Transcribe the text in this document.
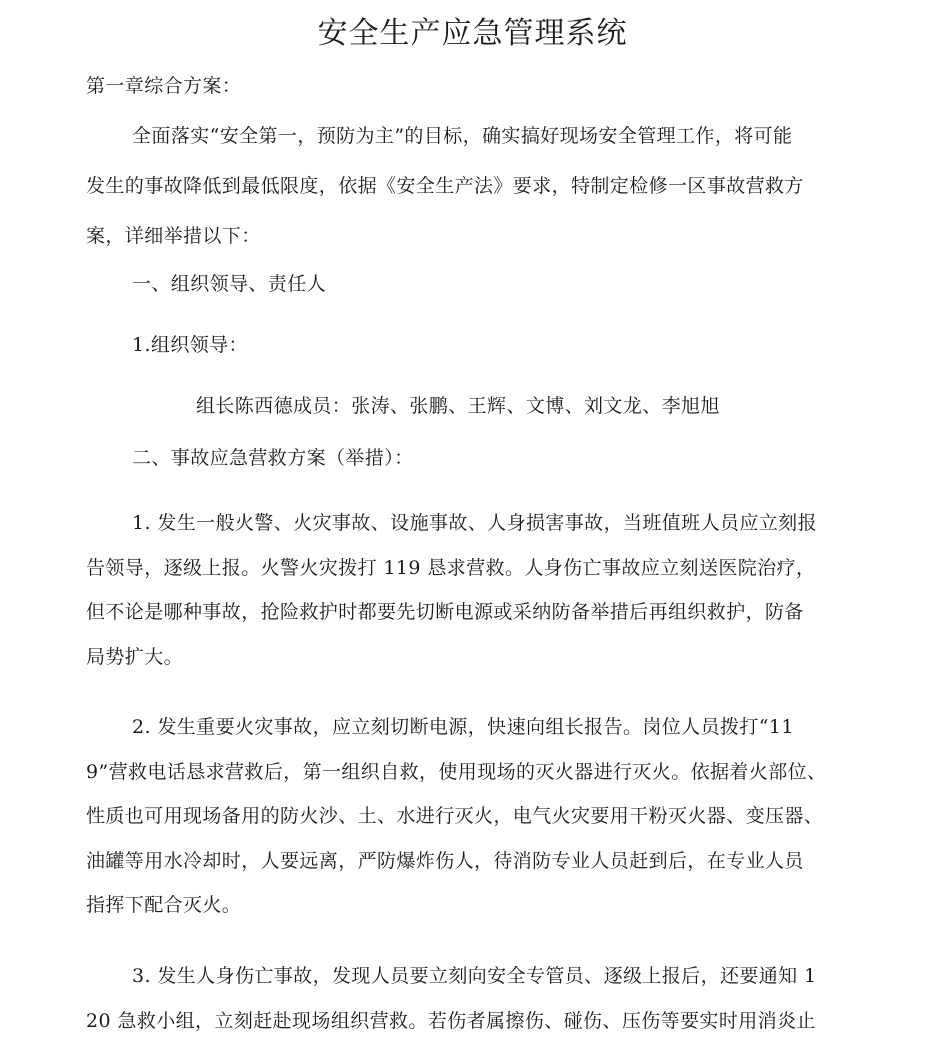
安全生产应急管理系统
第一章综合方案：
全面落实“安全第一，预防为主”的目标，确实搞好现场安全管理工作，将可能
发生的事故降低到最低限度，依据《安全生产法》要求，特制定检修一区事故营救方
案，详细举措以下：
一、组织领导、责任人
1.组织领导：
组长陈西德成员：张涛、张鹏、王辉、文博、刘文龙、李旭旭
二、事故应急营救方案（举措）：
1. 发生一般火警、火灾事故、设施事故、人身损害事故，当班值班人员应立刻报
告领导，逐级上报。火警火灾拨打 119 恳求营救。人身伤亡事故应立刻送医院治疗，
但不论是哪种事故，抢险救护时都要先切断电源或采纳防备举措后再组织救护，防备
局势扩大。
2. 发生重要火灾事故，应立刻切断电源，快速向组长报告。岗位人员拨打“11
9”营救电话恳求营救后，第一组织自救，使用现场的灭火器进行灭火。依据着火部位、
性质也可用现场备用的防火沙、土、水进行灭火，电气火灾要用干粉灭火器、变压器、
油罐等用水冷却时，人要远离，严防爆炸伤人，待消防专业人员赶到后，在专业人员
指挥下配合灭火。
3. 发生人身伤亡事故，发现人员要立刻向安全专管员、逐级上报后，还要通知 1
20 急救小组，立刻赶赴现场组织营救。若伤者属擦伤、碰伤、压伤等要实时用消炎止
